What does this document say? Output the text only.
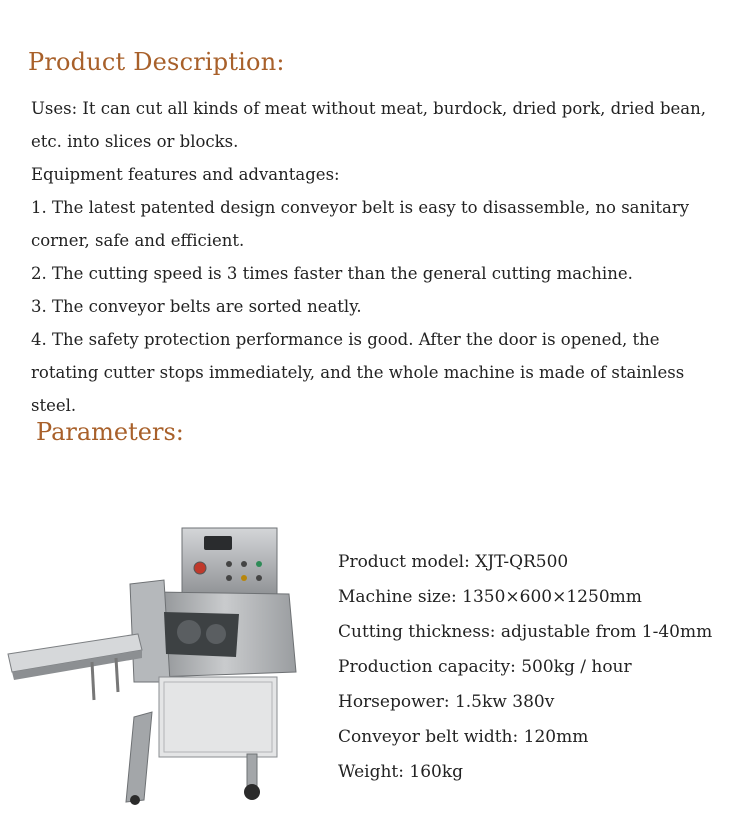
Product Description:

Uses: It can cut all kinds of meat without meat, burdock, dried pork, dried bean, etc. into slices or blocks.

Equipment features and advantages:

1. The latest patented design conveyor belt is easy to disassemble, no sanitary corner, safe and efficient.

2. The cutting speed is 3 times faster than the general cutting machine.

3. The conveyor belts are sorted neatly.

4. The safety protection performance is good. After the door is opened, the rotating cutter stops immediately, and the whole machine is made of stainless steel.

Parameters:
Product model: XJT-QR500
Machine size: 1350×600×1250mm
Cutting thickness: adjustable from 1-40mm
Production capacity: 500kg / hour
Horsepower: 1.5kw 380v
Conveyor belt width: 120mm
Weight: 160kg
